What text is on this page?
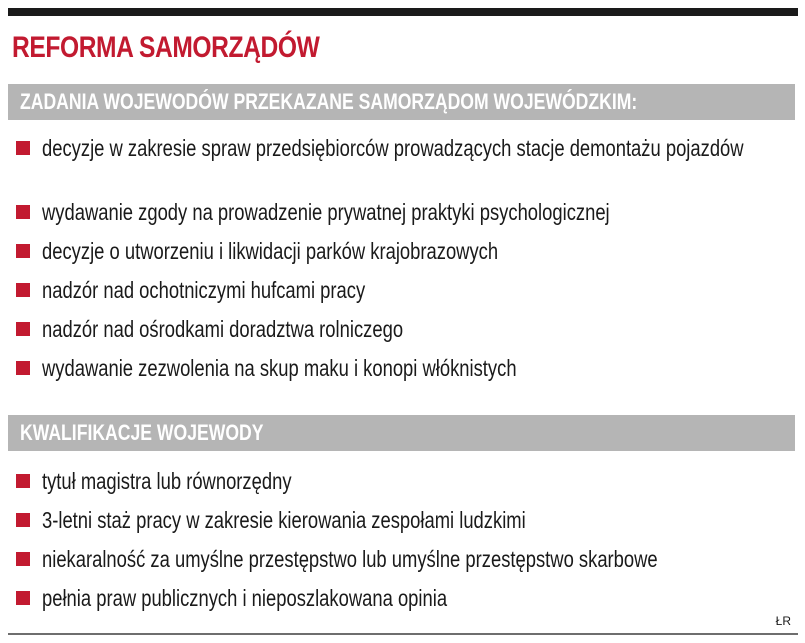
REFORMA SAMORZĄDÓW
ZADANIA WOJEWODÓW PRZEKAZANE SAMORZĄDOM WOJEWÓDZKIM:
decyzje w zakresie spraw przedsiębiorców prowadzących stacje demontażu pojazdów
wydawanie zgody na prowadzenie prywatnej praktyki psychologicznej
decyzje o utworzeniu i likwidacji parków krajobrazowych
nadzór nad ochotniczymi hufcami pracy
nadzór nad ośrodkami doradztwa rolniczego
wydawanie zezwolenia na skup maku i konopi włóknistych
KWALIFIKACJE WOJEWODY
tytuł magistra lub równorzędny
3-letni staż pracy w zakresie kierowania zespołami ludzkimi
niekaralność za umyślne przestępstwo lub umyślne przestępstwo skarbowe
pełnia praw publicznych i nieposzlakowana opinia
ŁR
